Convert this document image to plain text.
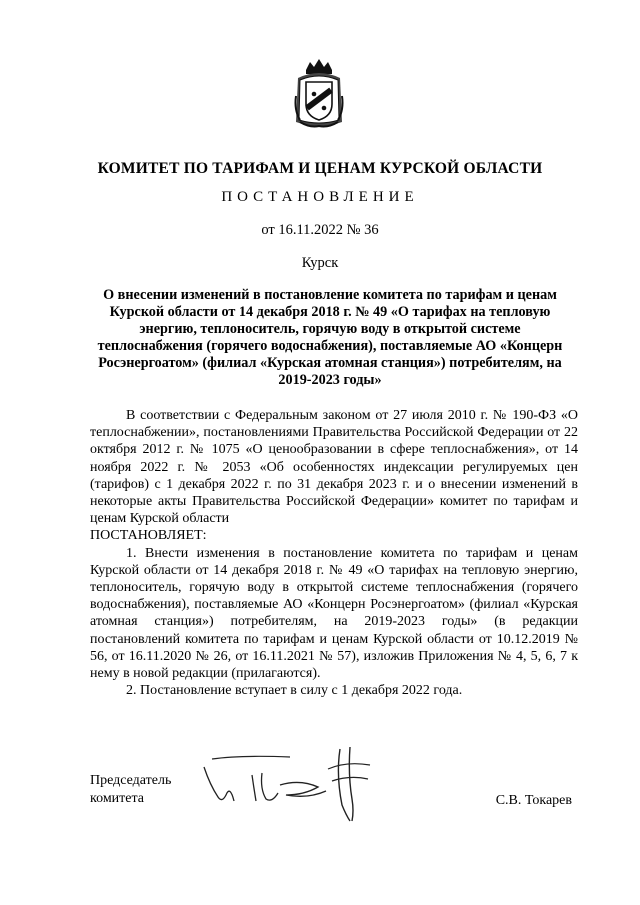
КОМИТЕТ ПО ТАРИФАМ И ЦЕНАМ КУРСКОЙ ОБЛАСТИ
ПОСТАНОВЛЕНИЕ
от 16.11.2022 № 36
Курск
О внесении изменений в постановление комитета по тарифам и ценам Курской области от 14 декабря 2018 г. № 49 «О тарифах на тепловую энергию, теплоноситель, горячую воду в открытой системе теплоснабжения (горячего водоснабжения), поставляемые АО «Концерн Росэнергоатом» (филиал «Курская атомная станция») потребителям, на 2019-2023 годы»

В соответствии с Федеральным законом от 27 июля 2010 г. № 190-ФЗ «О теплоснабжении», постановлениями Правительства Российской Федерации от 22 октября 2012 г. № 1075 «О ценообразовании в сфере теплоснабжения», от 14 ноября 2022 г. № 2053 «Об особенностях индексации регулируемых цен (тарифов) с 1 декабря 2022 г. по 31 декабря 2023 г. и о внесении изменений в некоторые акты Правительства Российской Федерации» комитет по тарифам и ценам Курской области

ПОСТАНОВЛЯЕТ:

1. Внести изменения в постановление комитета по тарифам и ценам Курской области от 14 декабря 2018 г. № 49 «О тарифах на тепловую энергию, теплоноситель, горячую воду в открытой системе теплоснабжения (горячего водоснабжения), поставляемые АО «Концерн Росэнергоатом» (филиал «Курская атомная станция») потребителям, на 2019-2023 годы» (в редакции постановлений комитета по тарифам и ценам Курской области от 10.12.2019 № 56, от 16.11.2020 № 26, от 16.11.2021 № 57), изложив Приложения № 4, 5, 6, 7 к нему в новой редакции (прилагаются).

2. Постановление вступает в силу с 1 декабря 2022 года.

Председатель
комитета	С.В. Токарев
